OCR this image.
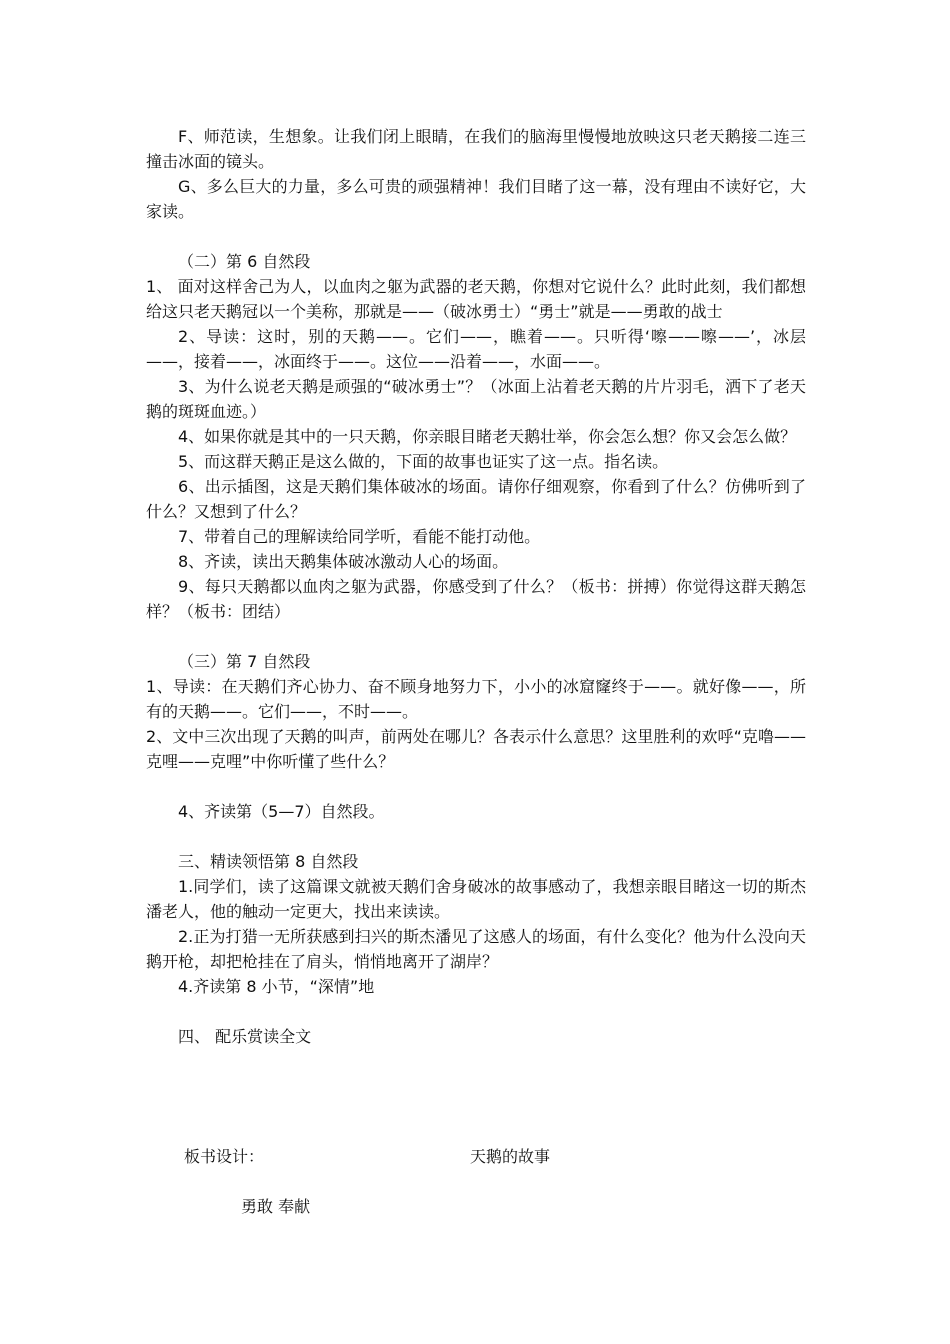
F、师范读，生想象。让我们闭上眼睛，在我们的脑海里慢慢地放映这只老天鹅接二连三撞击冰面的镜头。

G、多么巨大的力量，多么可贵的顽强精神！我们目睹了这一幕，没有理由不读好它，大家读。

（二）第 6 自然段

1、 面对这样舍己为人，以血肉之躯为武器的老天鹅，你想对它说什么？此时此刻，我们都想给这只老天鹅冠以一个美称，那就是——（破冰勇士）“勇士”就是——勇敢的战士

2、导读：这时，别的天鹅——。它们——，瞧着——。只听得‘嚓——嚓——’，冰层——，接着——，冰面终于——。这位——沿着——，水面——。

3、为什么说老天鹅是顽强的“破冰勇士”？（冰面上沾着老天鹅的片片羽毛，洒下了老天鹅的斑斑血迹。）

4、如果你就是其中的一只天鹅，你亲眼目睹老天鹅壮举，你会怎么想？你又会怎么做？

5、而这群天鹅正是这么做的，下面的故事也证实了这一点。指名读。

6、出示插图，这是天鹅们集体破冰的场面。请你仔细观察，你看到了什么？仿佛听到了什么？又想到了什么？

7、带着自己的理解读给同学听，看能不能打动他。

8、齐读，读出天鹅集体破冰激动人心的场面。

9、每只天鹅都以血肉之躯为武器，你感受到了什么？（板书：拼搏）你觉得这群天鹅怎样？（板书：团结）

（三）第 7 自然段

1、导读：在天鹅们齐心协力、奋不顾身地努力下，小小的冰窟窿终于——。就好像——，所有的天鹅——。它们——，不时——。

2、文中三次出现了天鹅的叫声，前两处在哪儿？各表示什么意思？这里胜利的欢呼“克噜——克哩——克哩”中你听懂了些什么？

4、齐读第（5—7）自然段。

三、精读领悟第 8 自然段

1.同学们，读了这篇课文就被天鹅们舍身破冰的故事感动了，我想亲眼目睹这一切的斯杰潘老人，他的触动一定更大，找出来读读。

2.正为打猎一无所获感到扫兴的斯杰潘见了这感人的场面，有什么变化？他为什么没向天鹅开枪，却把枪挂在了肩头，悄悄地离开了湖岸？

4.齐读第 8 小节，“深情”地

四、 配乐赏读全文

板书设计：	天鹅的故事
勇敢 奉献
